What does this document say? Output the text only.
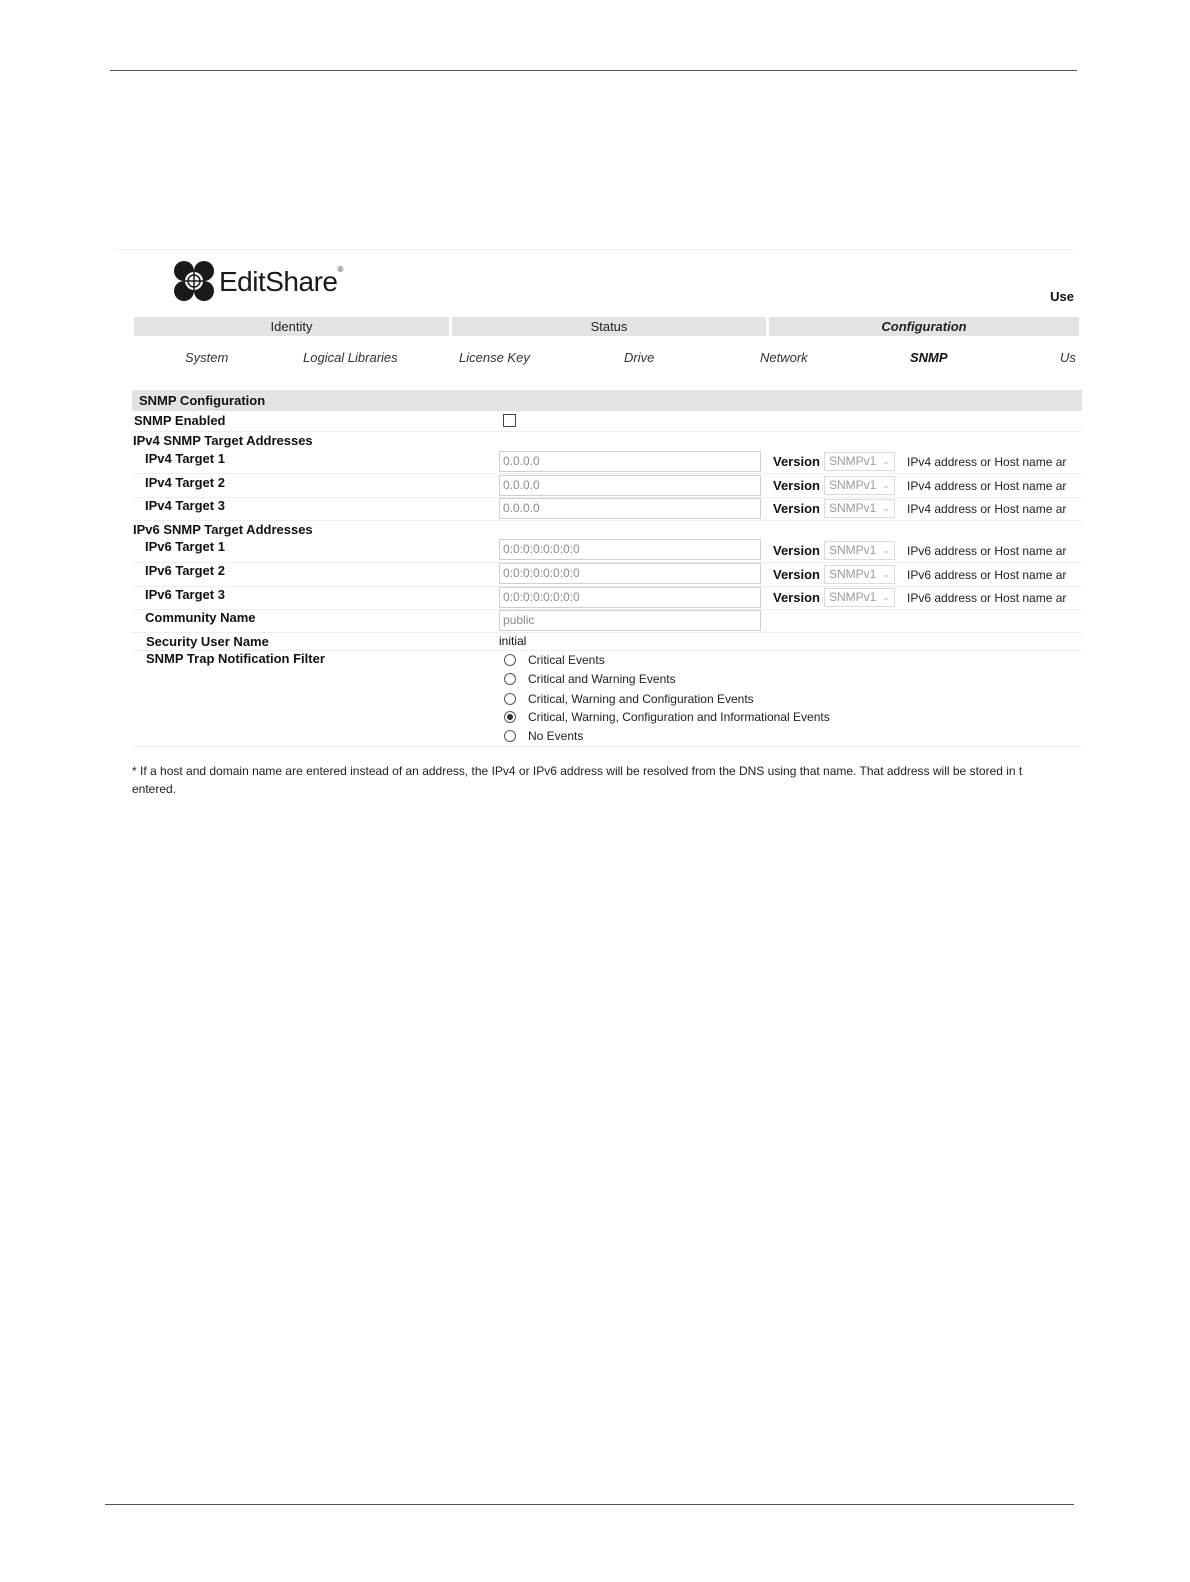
EditShare®
Use
Identity	Status	Configuration
System	Logical Libraries	License Key	Drive	Network	SNMP	Us
SNMP Configuration
SNMP Enabled
IPv4 SNMP Target Addresses
IPv4 Target 1	0.0.0.0	Version SNMPv1 ⌄ IPv4 address or Host name ar
IPv4 Target 2	0.0.0.0	Version SNMPv1 ⌄ IPv4 address or Host name ar
IPv4 Target 3	0.0.0.0	Version SNMPv1 ⌄ IPv4 address or Host name ar
IPv6 SNMP Target Addresses
IPv6 Target 1	0:0:0:0:0:0:0:0	Version SNMPv1 ⌄ IPv6 address or Host name ar
IPv6 Target 2	0:0:0:0:0:0:0:0	Version SNMPv1 ⌄ IPv6 address or Host name ar
IPv6 Target 3	0:0:0:0:0:0:0:0	Version SNMPv1 ⌄ IPv6 address or Host name ar
Community Name	public
Security User Name	initial
SNMP Trap Notification Filter	Critical Events
Critical and Warning Events
Critical, Warning and Configuration Events
Critical, Warning, Configuration and Informational Events
No Events
* If a host and domain name are entered instead of an address, the IPv4 or IPv6 address will be resolved from the DNS using that name. That address will be stored in t
entered.
